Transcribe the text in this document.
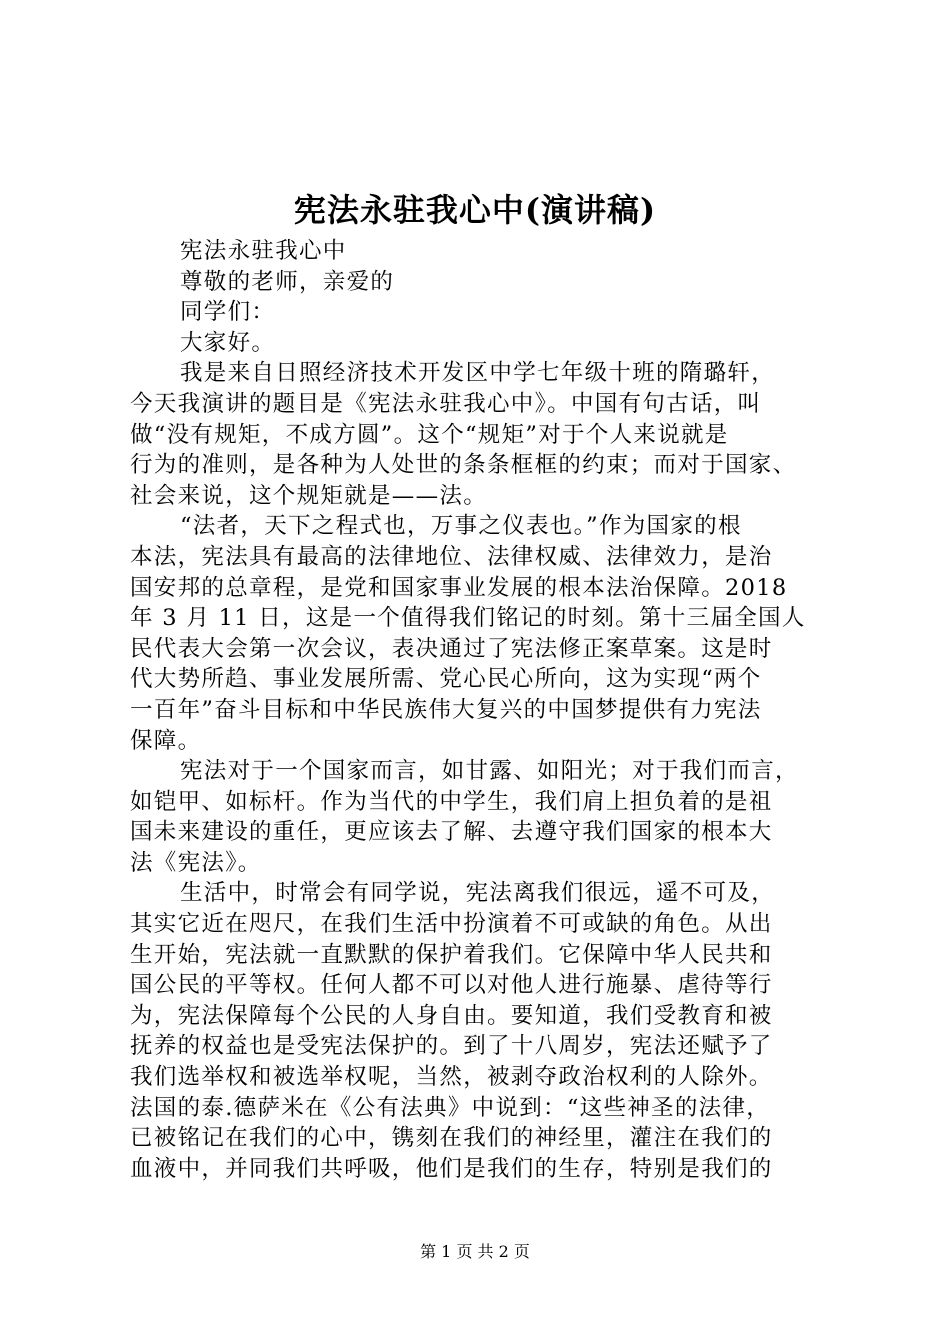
宪法永驻我心中(演讲稿)
宪法永驻我心中
尊敬的老师，亲爱的
同学们：
大家好。
我是来自日照经济技术开发区中学七年级十班的隋璐轩，
今天我演讲的题目是《宪法永驻我心中》。中国有句古话，叫
做“没有规矩，不成方圆”。这个“规矩”对于个人来说就是
行为的准则，是各种为人处世的条条框框的约束；而对于国家、
社会来说，这个规矩就是——法。
“法者，天下之程式也，万事之仪表也。”作为国家的根
本法，宪法具有最高的法律地位、法律权威、法律效力，是治
国安邦的总章程，是党和国家事业发展的根本法治保障。2018
年 3 月 11 日，这是一个值得我们铭记的时刻。第十三届全国人
民代表大会第一次会议，表决通过了宪法修正案草案。这是时
代大势所趋、事业发展所需、党心民心所向，这为实现“两个
一百年”奋斗目标和中华民族伟大复兴的中国梦提供有力宪法
保障。
宪法对于一个国家而言，如甘露、如阳光；对于我们而言，
如铠甲、如标杆。作为当代的中学生，我们肩上担负着的是祖
国未来建设的重任，更应该去了解、去遵守我们国家的根本大
法《宪法》。
生活中，时常会有同学说，宪法离我们很远，遥不可及，
其实它近在咫尺，在我们生活中扮演着不可或缺的角色。从出
生开始，宪法就一直默默的保护着我们。它保障中华人民共和
国公民的平等权。任何人都不可以对他人进行施暴、虐待等行
为，宪法保障每个公民的人身自由。要知道，我们受教育和被
抚养的权益也是受宪法保护的。到了十八周岁，宪法还赋予了
我们选举权和被选举权呢，当然，被剥夺政治权利的人除外。
法国的泰.德萨米在《公有法典》中说到：“这些神圣的法律，
已被铭记在我们的心中，镌刻在我们的神经里，灌注在我们的
血液中，并同我们共呼吸，他们是我们的生存，特别是我们的
第 1 页 共 2 页
